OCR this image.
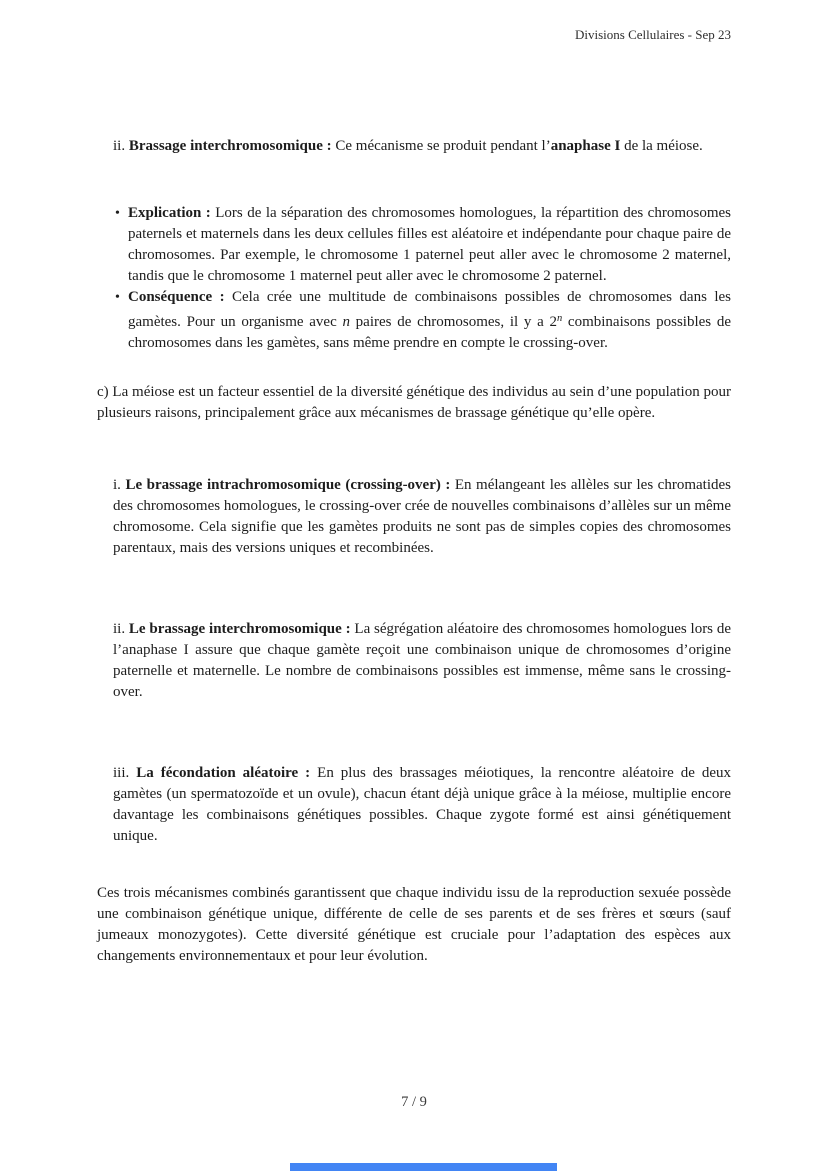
Divisions Cellulaires - Sep 23
ii. Brassage interchromosomique : Ce mécanisme se produit pendant l’anaphase I de la méiose.
• Explication : Lors de la séparation des chromosomes homologues, la répartition des chromosomes paternels et maternels dans les deux cellules filles est aléatoire et indépendante pour chaque paire de chromosomes. Par exemple, le chromosome 1 paternel peut aller avec le chromosome 2 maternel, tandis que le chromosome 1 maternel peut aller avec le chromosome 2 paternel.
• Conséquence : Cela crée une multitude de combinaisons possibles de chromosomes dans les gamètes. Pour un organisme avec n paires de chromosomes, il y a 2$^n$ combinaisons possibles de chromosomes dans les gamètes, sans même prendre en compte le crossing-over.
c) La méiose est un facteur essentiel de la diversité génétique des individus au sein d’une population pour plusieurs raisons, principalement grâce aux mécanismes de brassage génétique qu’elle opère.
i. Le brassage intrachromosomique (crossing-over) : En mélangeant les allèles sur les chromatides des chromosomes homologues, le crossing-over crée de nouvelles combinaisons d’allèles sur un même chromosome. Cela signifie que les gamètes produits ne sont pas de simples copies des chromosomes parentaux, mais des versions uniques et recombinées.
ii. Le brassage interchromosomique : La ségrégation aléatoire des chromosomes homologues lors de l’anaphase I assure que chaque gamète reçoit une combinaison unique de chromosomes d’origine paternelle et maternelle. Le nombre de combinaisons possibles est immense, même sans le crossing-over.
iii. La fécondation aléatoire : En plus des brassages méiotiques, la rencontre aléatoire de deux gamètes (un spermatozoïde et un ovule), chacun étant déjà unique grâce à la méiose, multiplie encore davantage les combinaisons génétiques possibles. Chaque zygote formé est ainsi génétiquement unique.
Ces trois mécanismes combinés garantissent que chaque individu issu de la reproduction sexuée possède une combinaison génétique unique, différente de celle de ses parents et de ses frères et sœurs (sauf jumeaux monozygotes). Cette diversité génétique est cruciale pour l’adaptation des espèces aux changements environnementaux et pour leur évolution.
7 / 9
